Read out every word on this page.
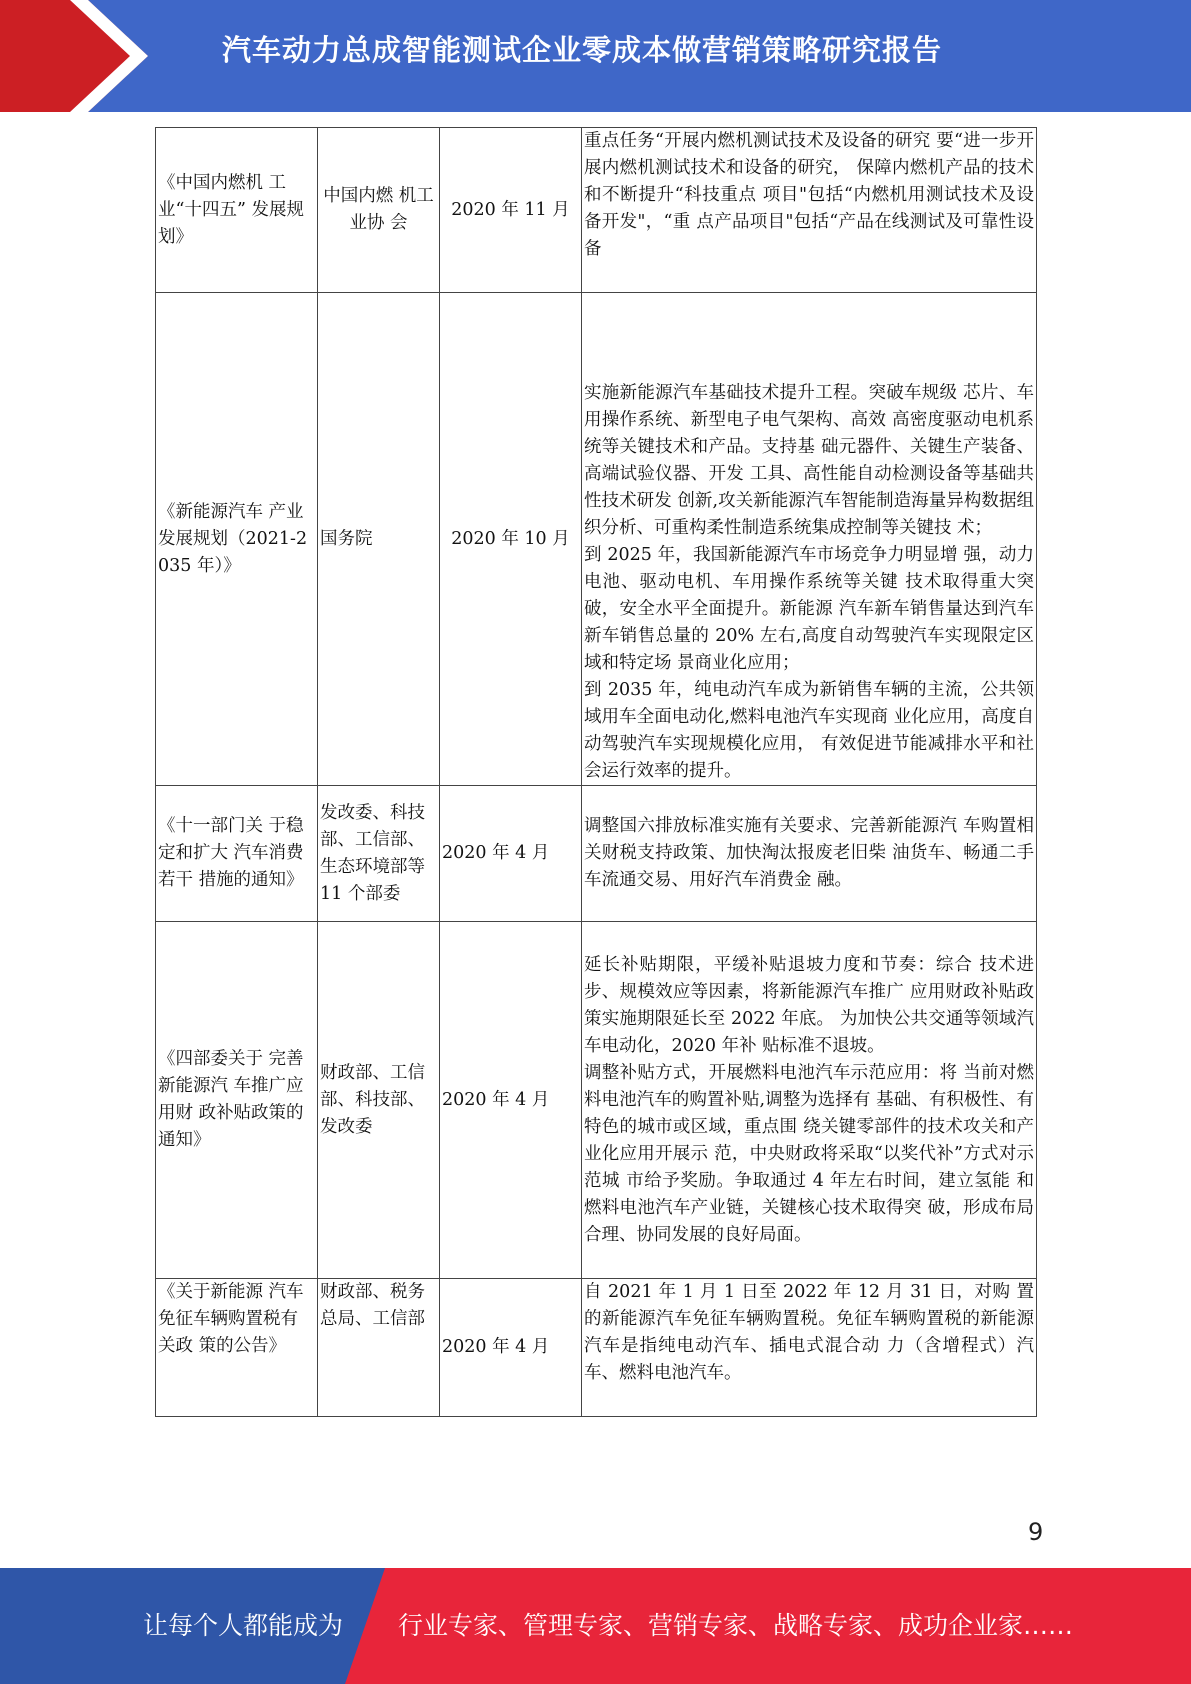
汽车动力总成智能测试企业零成本做营销策略研究报告
《中国内燃机 工业“十四五” 发展规划》	中国内燃 机工业协 会	2020 年 11 月	重点任务“开展内燃机测试技术及设备的研究 要“进一步开展内燃机测试技术和设备的研究， 保障内燃机产品的技术和不断提升“科技重点 项目"包括“内燃机用测试技术及设备开发"，“重 点产品项目"包括“产品在线测试及可靠性设 备
《新能源汽车 产业发展规划（2021-2035 年）》	国务院	2020 年 10 月	实施新能源汽车基础技术提升工程。突破车规级 芯片、车用操作系统、新型电子电气架构、高效 高密度驱动电机系统等关键技术和产品。支持基 础元器件、关键生产装备、高端试验仪器、开发 工具、高性能自动检测设备等基础共性技术研发 创新,攻关新能源汽车智能制造海量异构数据组 织分析、可重构柔性制造系统集成控制等关键技 术；
到 2025 年，我国新能源汽车市场竞争力明显增 强，动力电池、驱动电机、车用操作系统等关键 技术取得重大突破，安全水平全面提升。新能源 汽车新车销售量达到汽车新车销售总量的 20% 左右,高度自动驾驶汽车实现限定区域和特定场 景商业化应用；
到 2035 年，纯电动汽车成为新销售车辆的主流，公共领域用车全面电动化,燃料电池汽车实现商 业化应用，高度自动驾驶汽车实现规模化应用， 有效促进节能减排水平和社会运行效率的提升。
《十一部门关 于稳定和扩大 汽车消费若干 措施的通知》	发改委、科技部、工信部、生态环境部等 11 个部委	2020 年 4 月	调整国六排放标准实施有关要求、完善新能源汽 车购置相关财税支持政策、加快淘汰报废老旧柴 油货车、畅通二手车流通交易、用好汽车消费金 融。
《四部委关于 完善新能源汽 车推广应用财 政补贴政策的 通知》	财政部、工信部、科技部、发改委	2020 年 4 月	延长补贴期限，平缓补贴退坡力度和节奏：综合 技术进步、规模效应等因素，将新能源汽车推广 应用财政补贴政策实施期限延长至 2022 年底。 为加快公共交通等领域汽车电动化，2020 年补 贴标准不退坡。
调整补贴方式，开展燃料电池汽车示范应用：将 当前对燃料电池汽车的购置补贴,调整为选择有 基础、有积极性、有特色的城市或区域，重点围 绕关键零部件的技术攻关和产业化应用开展示 范，中央财政将采取“以奖代补”方式对示范城 市给予奖励。争取通过 4 年左右时间，建立氢能 和燃料电池汽车产业链，关键核心技术取得突 破，形成布局合理、协同发展的良好局面。
《关于新能源 汽车免征车辆购置税有关政 策的公告》	财政部、税务总局、工信部	2020 年 4 月	自 2021 年 1 月 1 日至 2022 年 12 月 31 日，对购 置的新能源汽车免征车辆购置税。免征车辆购置税的新能源汽车是指纯电动汽车、插电式混合动 力（含增程式）汽车、燃料电池汽车。
9
让每个人都能成为 行业专家、管理专家、营销专家、战略专家、成功企业家……
